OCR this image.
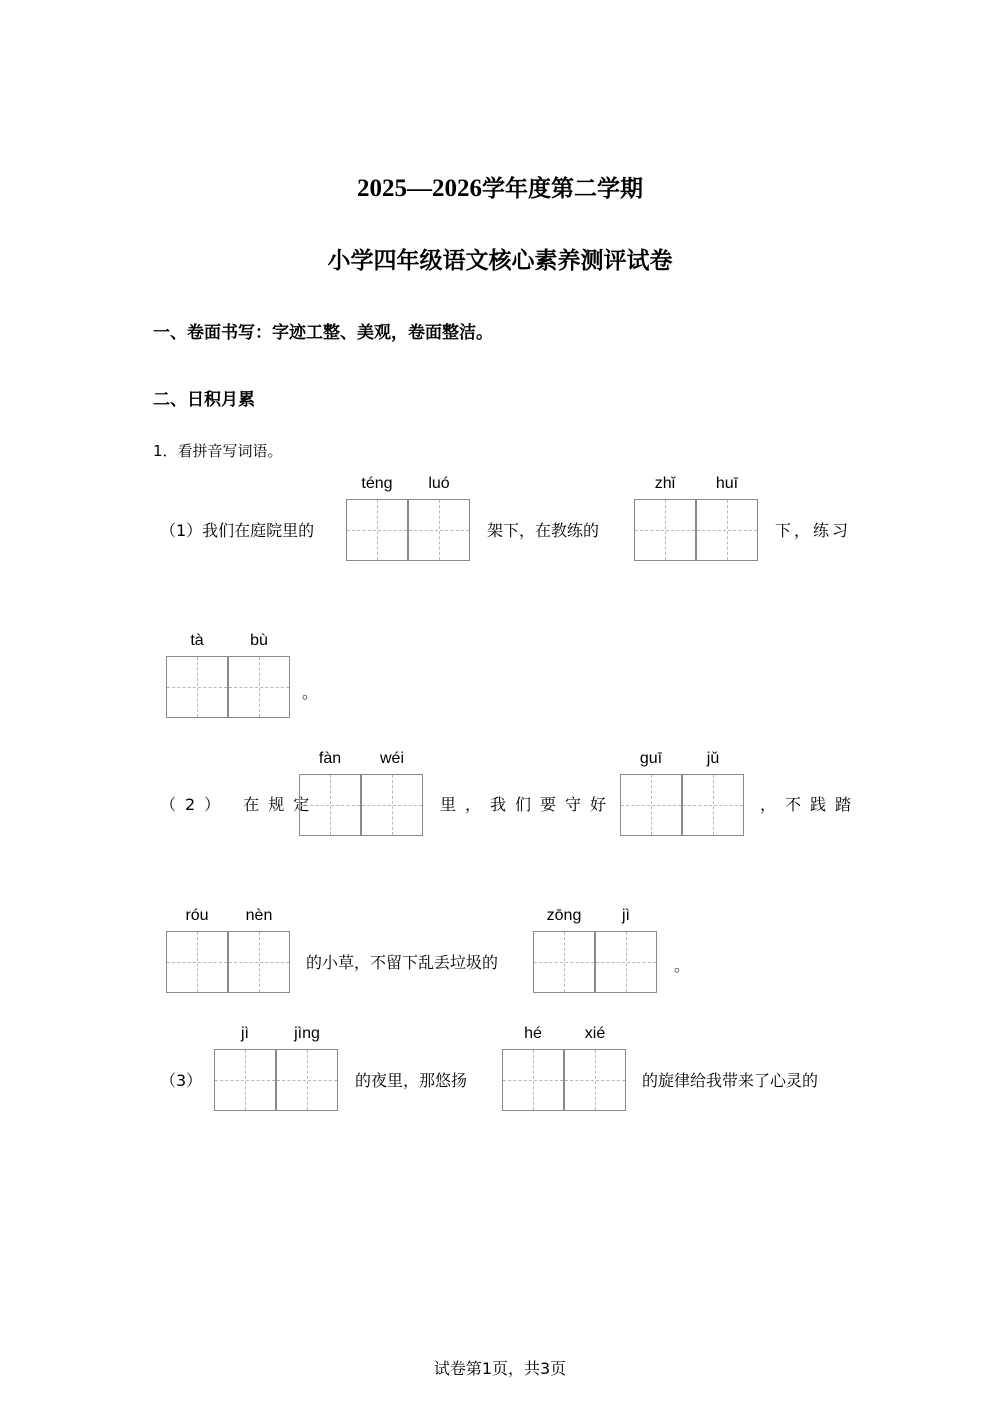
2025—2026学年度第二学期
小学四年级语文核心素养测评试卷
一、卷面书写：字迹工整、美观，卷面整洁。
二、日积月累
1．看拼音写词语。
（1）我们在庭院里的
téng	luó
架下，在教练的
zhǐ	huī
下，练习
tà	bù
。
（2） 在规定
fàn	wéi
里，我们要守好
guī	jǔ
，不践踏
róu	nèn
的小草，不留下乱丢垃圾的
zōng	jì
。
（3）
jì	jìng
的夜里，那悠扬
hé	xié
的旋律给我带来了心灵的
试卷第1页，共3页
